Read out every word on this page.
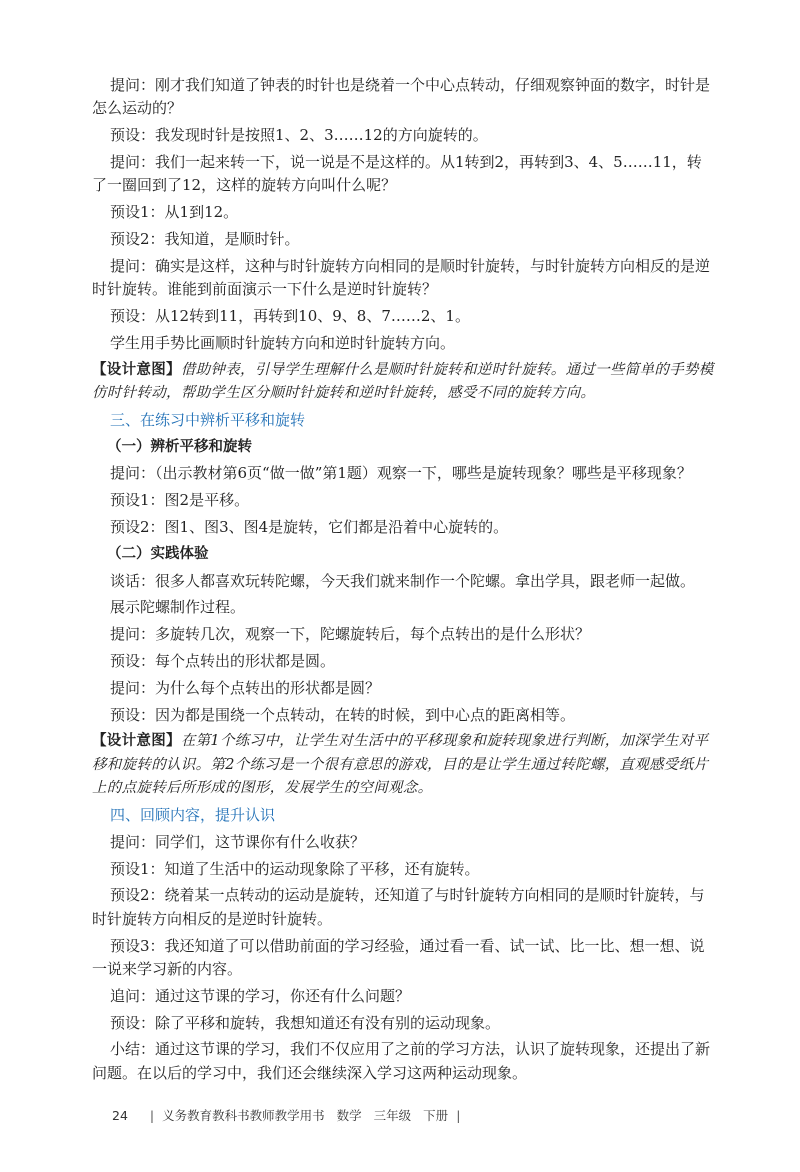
提问：刚才我们知道了钟表的时针也是绕着一个中心点转动，仔细观察钟面的数字，时针是怎么运动的？
预设：我发现时针是按照1、2、3……12的方向旋转的。
提问：我们一起来转一下，说一说是不是这样的。从1转到2，再转到3、4、5……11，转了一圈回到了12，这样的旋转方向叫什么呢？
预设1：从1到12。
预设2：我知道，是顺时针。
提问：确实是这样，这种与时针旋转方向相同的是顺时针旋转，与时针旋转方向相反的是逆时针旋转。谁能到前面演示一下什么是逆时针旋转？
预设：从12转到11，再转到10、9、8、7……2、1。
学生用手势比画顺时针旋转方向和逆时针旋转方向。
【设计意图】借助钟表，引导学生理解什么是顺时针旋转和逆时针旋转。通过一些简单的手势模仿时针转动，帮助学生区分顺时针旋转和逆时针旋转，感受不同的旋转方向。
三、在练习中辨析平移和旋转
（一）辨析平移和旋转
提问：（出示教材第6页“做一做”第1题）观察一下，哪些是旋转现象？哪些是平移现象？
预设1：图2是平移。
预设2：图1、图3、图4是旋转，它们都是沿着中心旋转的。
（二）实践体验
谈话：很多人都喜欢玩转陀螺，今天我们就来制作一个陀螺。拿出学具，跟老师一起做。
展示陀螺制作过程。
提问：多旋转几次，观察一下，陀螺旋转后，每个点转出的是什么形状？
预设：每个点转出的形状都是圆。
提问：为什么每个点转出的形状都是圆？
预设：因为都是围绕一个点转动，在转的时候，到中心点的距离相等。
【设计意图】在第1个练习中，让学生对生活中的平移现象和旋转现象进行判断，加深学生对平移和旋转的认识。第2个练习是一个很有意思的游戏，目的是让学生通过转陀螺，直观感受纸片上的点旋转后所形成的图形，发展学生的空间观念。
四、回顾内容，提升认识
提问：同学们，这节课你有什么收获？
预设1：知道了生活中的运动现象除了平移，还有旋转。
预设2：绕着某一点转动的运动是旋转，还知道了与时针旋转方向相同的是顺时针旋转，与时针旋转方向相反的是逆时针旋转。
预设3：我还知道了可以借助前面的学习经验，通过看一看、试一试、比一比、想一想、说一说来学习新的内容。
追问：通过这节课的学习，你还有什么问题？
预设：除了平移和旋转，我想知道还有没有别的运动现象。
小结：通过这节课的学习，我们不仅应用了之前的学习方法，认识了旋转现象，还提出了新问题。在以后的学习中，我们还会继续深入学习这两种运动现象。
24 | 义务教育教科书教师教学用书 数学 三年级 下册 |
